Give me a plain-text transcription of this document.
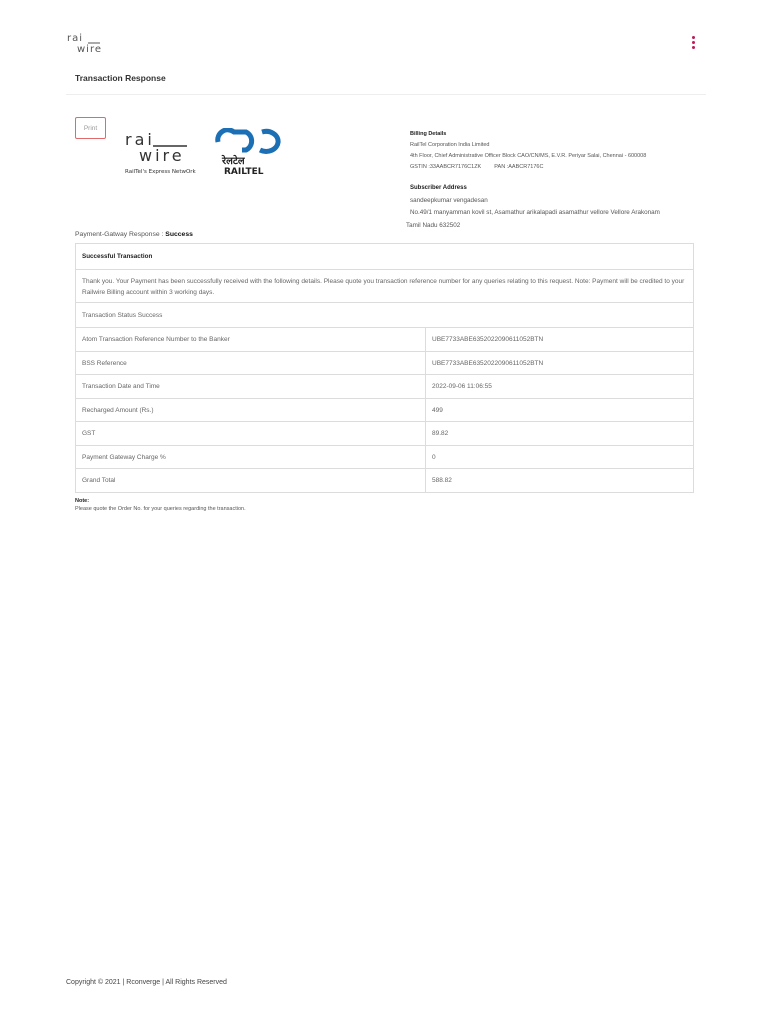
rai
wire
Transaction Response
Print
rai
wire
RailTel's Express NetwOrk
रेलटेल
RAILTEL
Billing Details
RailTel Corporation India Limited
4th Floor, Chief Administrative Officer Block CAO/CN/MS, E.V.R. Periyar Salai, Chennai - 600008
GSTIN :33AABCR7176C1ZK PAN :AABCR7176C
Subscriber Address
sandeepkumar vengadesan
No.49/1 manyamman kovil st, Asamathur arikalapadi asamathur vellore Vellore Arakonam
Tamil Nadu 632502
Payment-Gatway Response : Success
Successful Transaction
Thank you. Your Payment has been successfully received with the following details. Please quote you transaction reference number for any queries relating to this request. Note: Payment will be credited to your Railwire Billing account within 3 working days.
Transaction Status Success
Atom Transaction Reference Number to the Banker	UBE7733ABE6352022090611052BTN
BSS Reference	UBE7733ABE6352022090611052BTN
Transaction Date and Time	2022-09-06 11:06:55
Recharged Amount (Rs.)	499
GST	89.82
Payment Gateway Charge %	0
Grand Total	588.82
Note:
Please quote the Order No. for your queries regarding the transaction.
Copyright © 2021 | Rconverge | All Rights Reserved
